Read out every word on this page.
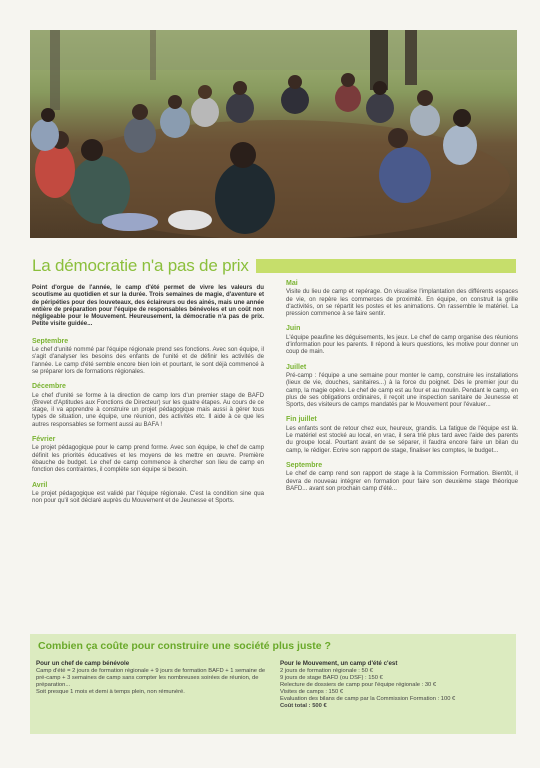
La démocratie n'a pas de prix

Point d'orgue de l'année, le camp d'été permet de vivre les valeurs du scoutisme au quotidien et sur la durée. Trois semaines de magie, d'aventure et de péripéties pour des louveteaux, des éclaireurs ou des ainés, mais une année entière de préparation pour l'équipe de responsables bénévoles et un coût non négligeable pour le Mouvement. Heureusement, la démocratie n'a pas de prix. Petite visite guidée...

Septembre
Le chef d'unité nommé par l'équipe régionale prend ses fonctions. Avec son équipe, il s'agit d'analyser les besoins des enfants de l'unité et de définir les activités de l'année. Le camp d'été semble encore bien loin et pourtant, le sont déjà commencé à se préparer lors de formations régionales.
Décembre
Le chef d'unité se forme à la direction de camp lors d'un premier stage de BAFD (Brevet d'Aptitudes aux Fonctions de Directeur) sur les quatre étapes. Au cours de ce stage, il va apprendre à construire un projet pédagogique mais aussi à gérer tous types de situation, une équipe, une réunion, des activités etc. Il aide à ce que les autres responsables se forment aussi au BAFA !
Février
Le projet pédagogique pour le camp prend forme. Avec son équipe, le chef de camp définit les priorités éducatives et les moyens de les mettre en œuvre. Première ébauche de budget. Le chef de camp commence à chercher son lieu de camp en fonction des contraintes, il complète son équipe si besoin.
Avril
Le projet pédagogique est validé par l'équipe régionale. C'est la condition sine qua non pour qu'il soit déclaré auprès du Mouvement et de Jeunesse et Sports.
Mai
Visite du lieu de camp et repérage. On visualise l'implantation des différents espaces de vie, on repère les commerces de proximité. En équipe, on construit la grille d'activités, on se répartit les postes et les animations. On rassemble le matériel. La pression commence à se faire sentir.
Juin
L'équipe peaufine les déguisements, les jeux. Le chef de camp organise des réunions d'information pour les parents. Il répond à leurs questions, les motive pour donner un coup de main.
Juillet
Pré-camp : l'équipe a une semaine pour monter le camp, construire les installations (lieux de vie, douches, sanitaires...) à la force du poignet. Dès le premier jour du camp, la magie opère. Le chef de camp est au four et au moulin. Pendant le camp, en plus de ses obligations ordinaires, il reçoit une inspection sanitaire de Jeunesse et Sports, des visiteurs de camps mandatés par le Mouvement pour l'évaluer...
Fin juillet
Les enfants sont de retour chez eux, heureux, grandis. La fatigue de l'équipe est là. Le matériel est stocké au local, en vrac, il sera trié plus tard avec l'aide des parents du groupe local. Pourtant avant de se séparer, il faudra encore faire un bilan du camp, le rédiger. Ecrire son rapport de stage, finaliser les comptes, le budget...
Septembre
Le chef de camp rend son rapport de stage à la Commission Formation. Bientôt, il devra de nouveau intégrer en formation pour faire son deuxième stage théorique BAFD... avant son prochain camp d'été...
Combien ça coûte pour construire une société plus juste ?
Pour un chef de camp bénévole
Camp d'été = 2 jours de formation régionale + 9 jours de formation BAFD + 1 semaine de pré-camp + 3 semaines de camp sans compter les nombreuses soirées de réunion, de préparation...
Soit presque 1 mois et demi à temps plein, non rémunéré.
Pour le Mouvement, un camp d'été c'est
2 jours de formation régionale : 50 €
9 jours de stage BAFD (ou DSF) : 150 €
Relecture de dossiers de camp pour l'équipe régionale : 30 €
Visites de camps : 150 €
Evaluation des bilans de camp par la Commission Formation : 100 €
Coût total : 500 €
